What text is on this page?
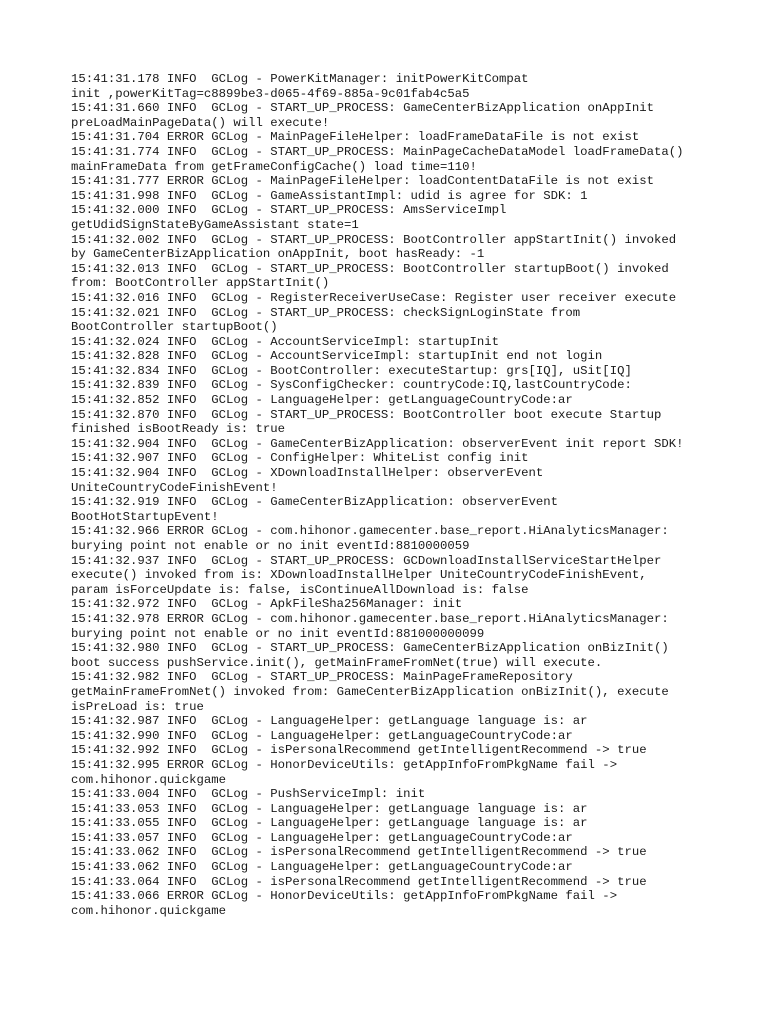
15:41:31.178 INFO  GCLog - PowerKitManager: initPowerKitCompat
init ,powerKitTag=c8899be3-d065-4f69-885a-9c01fab4c5a5
15:41:31.660 INFO  GCLog - START_UP_PROCESS: GameCenterBizApplication onAppInit
preLoadMainPageData() will execute!
15:41:31.704 ERROR GCLog - MainPageFileHelper: loadFrameDataFile is not exist
15:41:31.774 INFO  GCLog - START_UP_PROCESS: MainPageCacheDataModel loadFrameData()
mainFrameData from getFrameConfigCache() load time=110!
15:41:31.777 ERROR GCLog - MainPageFileHelper: loadContentDataFile is not exist
15:41:31.998 INFO  GCLog - GameAssistantImpl: udid is agree for SDK: 1
15:41:32.000 INFO  GCLog - START_UP_PROCESS: AmsServiceImpl
getUdidSignStateByGameAssistant state=1
15:41:32.002 INFO  GCLog - START_UP_PROCESS: BootController appStartInit() invoked
by GameCenterBizApplication onAppInit, boot hasReady: -1
15:41:32.013 INFO  GCLog - START_UP_PROCESS: BootController startupBoot() invoked
from: BootController appStartInit()
15:41:32.016 INFO  GCLog - RegisterReceiverUseCase: Register user receiver execute
15:41:32.021 INFO  GCLog - START_UP_PROCESS: checkSignLoginState from
BootController startupBoot()
15:41:32.024 INFO  GCLog - AccountServiceImpl: startupInit
15:41:32.828 INFO  GCLog - AccountServiceImpl: startupInit end not login
15:41:32.834 INFO  GCLog - BootController: executeStartup: grs[IQ], uSit[IQ]
15:41:32.839 INFO  GCLog - SysConfigChecker: countryCode:IQ,lastCountryCode:
15:41:32.852 INFO  GCLog - LanguageHelper: getLanguageCountryCode:ar
15:41:32.870 INFO  GCLog - START_UP_PROCESS: BootController boot execute Startup
finished isBootReady is: true
15:41:32.904 INFO  GCLog - GameCenterBizApplication: observerEvent init report SDK!
15:41:32.907 INFO  GCLog - ConfigHelper: WhiteList config init
15:41:32.904 INFO  GCLog - XDownloadInstallHelper: observerEvent
UniteCountryCodeFinishEvent!
15:41:32.919 INFO  GCLog - GameCenterBizApplication: observerEvent
BootHotStartupEvent!
15:41:32.966 ERROR GCLog - com.hihonor.gamecenter.base_report.HiAnalyticsManager:
burying point not enable or no init eventId:8810000059
15:41:32.937 INFO  GCLog - START_UP_PROCESS: GCDownloadInstallServiceStartHelper
execute() invoked from is: XDownloadInstallHelper UniteCountryCodeFinishEvent,
param isForceUpdate is: false, isContinueAllDownload is: false
15:41:32.972 INFO  GCLog - ApkFileSha256Manager: init
15:41:32.978 ERROR GCLog - com.hihonor.gamecenter.base_report.HiAnalyticsManager:
burying point not enable or no init eventId:881000000099
15:41:32.980 INFO  GCLog - START_UP_PROCESS: GameCenterBizApplication onBizInit()
boot success pushService.init(), getMainFrameFromNet(true) will execute.
15:41:32.982 INFO  GCLog - START_UP_PROCESS: MainPageFrameRepository
getMainFrameFromNet() invoked from: GameCenterBizApplication onBizInit(), execute
isPreLoad is: true
15:41:32.987 INFO  GCLog - LanguageHelper: getLanguage language is: ar
15:41:32.990 INFO  GCLog - LanguageHelper: getLanguageCountryCode:ar
15:41:32.992 INFO  GCLog - isPersonalRecommend getIntelligentRecommend -> true
15:41:32.995 ERROR GCLog - HonorDeviceUtils: getAppInfoFromPkgName fail ->
com.hihonor.quickgame
15:41:33.004 INFO  GCLog - PushServiceImpl: init
15:41:33.053 INFO  GCLog - LanguageHelper: getLanguage language is: ar
15:41:33.055 INFO  GCLog - LanguageHelper: getLanguage language is: ar
15:41:33.057 INFO  GCLog - LanguageHelper: getLanguageCountryCode:ar
15:41:33.062 INFO  GCLog - isPersonalRecommend getIntelligentRecommend -> true
15:41:33.062 INFO  GCLog - LanguageHelper: getLanguageCountryCode:ar
15:41:33.064 INFO  GCLog - isPersonalRecommend getIntelligentRecommend -> true
15:41:33.066 ERROR GCLog - HonorDeviceUtils: getAppInfoFromPkgName fail ->
com.hihonor.quickgame
